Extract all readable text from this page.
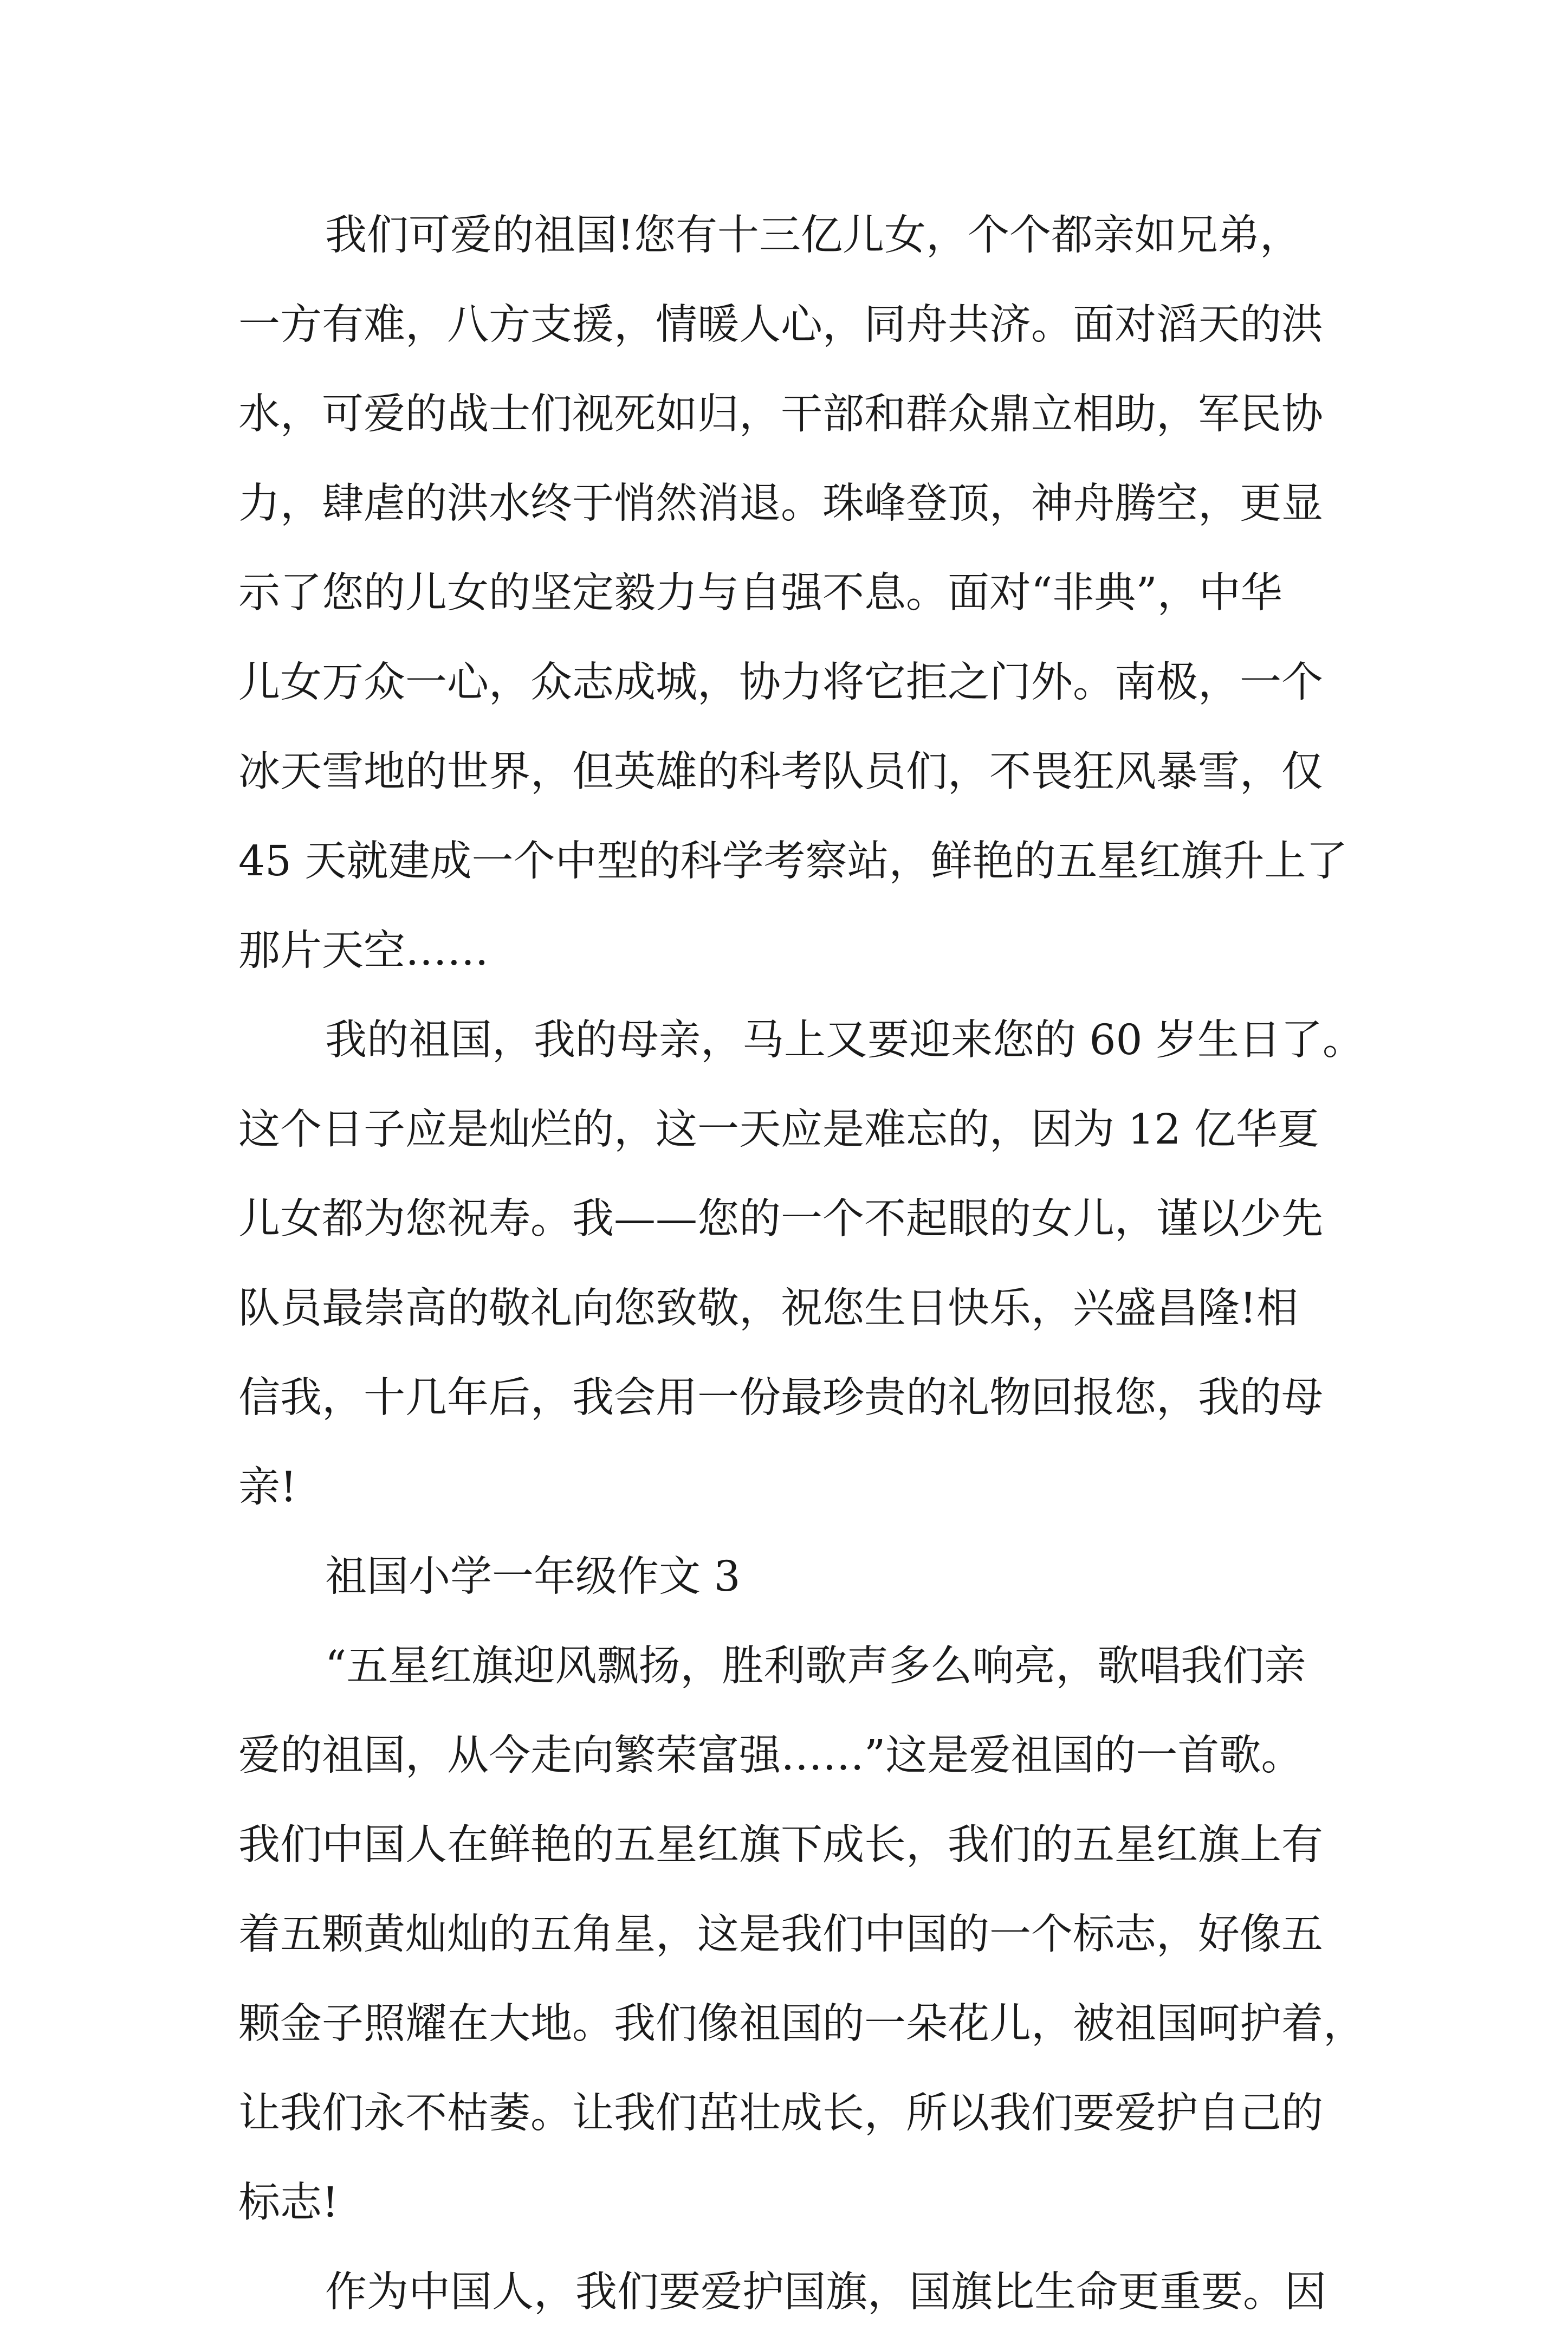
我们可爱的祖国!您有十三亿儿女，个个都亲如兄弟，
一方有难，八方支援，情暖人心，同舟共济。面对滔天的洪
水，可爱的战士们视死如归，干部和群众鼎立相助，军民协
力，肆虐的洪水终于悄然消退。珠峰登顶，神舟腾空，更显
示了您的儿女的坚定毅力与自强不息。面对“非典”，中华
儿女万众一心，众志成城，协力将它拒之门外。南极，一个
冰天雪地的世界，但英雄的科考队员们，不畏狂风暴雪，仅
45 天就建成一个中型的科学考察站，鲜艳的五星红旗升上了
那片天空……
我的祖国，我的母亲，马上又要迎来您的 60 岁生日了。
这个日子应是灿烂的，这一天应是难忘的，因为 12 亿华夏
儿女都为您祝寿。我——您的一个不起眼的女儿，谨以少先
队员最崇高的敬礼向您致敬，祝您生日快乐，兴盛昌隆!相
信我，十几年后，我会用一份最珍贵的礼物回报您，我的母
亲!
祖国小学一年级作文 3
“五星红旗迎风飘扬，胜利歌声多么响亮，歌唱我们亲
爱的祖国，从今走向繁荣富强……”这是爱祖国的一首歌。
我们中国人在鲜艳的五星红旗下成长，我们的五星红旗上有
着五颗黄灿灿的五角星，这是我们中国的一个标志，好像五
颗金子照耀在大地。我们像祖国的一朵花儿，被祖国呵护着，
让我们永不枯萎。让我们茁壮成长，所以我们要爱护自己的
标志!
作为中国人，我们要爱护国旗，国旗比生命更重要。因
